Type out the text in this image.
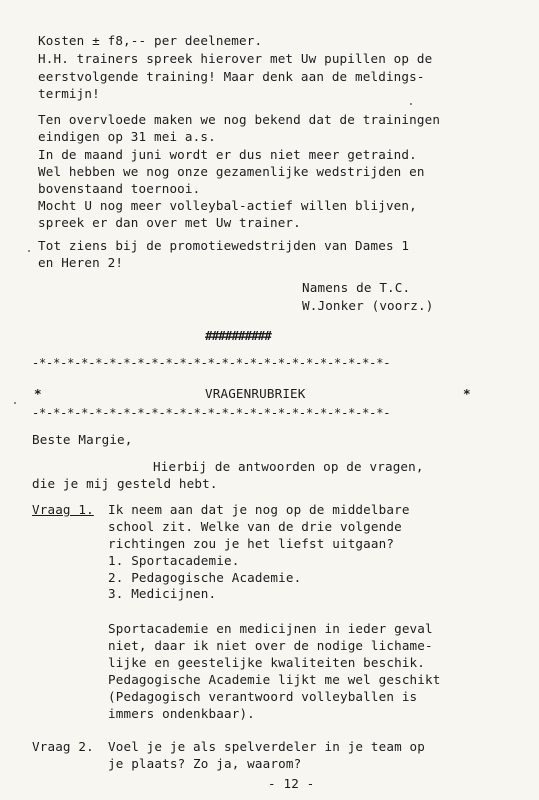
Kosten ± f8,-- per deelnemer.
H.H. trainers spreek hierover met Uw pupillen op de
eerstvolgende training! Maar denk aan de meldings-
termijn!
Ten overvloede maken we nog bekend dat de trainingen
eindigen op 31 mei a.s.
In de maand juni wordt er dus niet meer getraind.
Wel hebben we nog onze gezamenlijke wedstrijden en
bovenstaand toernooi.
Mocht U nog meer volleybal-actief willen blijven,
spreek er dan over met Uw trainer.
Tot ziens bij de promotiewedstrijden van Dames 1
en Heren 2!
Namens de T.C.
W.Jonker (voorz.)
##########
-*-*-*-*-*-*-*-*-*-*-*-*-*-*-*-*-*-*-*-*-*-*-*-*-*-
*	VRAGENRUBRIEK	*
-*-*-*-*-*-*-*-*-*-*-*-*-*-*-*-*-*-*-*-*-*-*-*-*-*-
Beste Margie,
Hierbij de antwoorden op de vragen,
die je mij gesteld hebt.
Vraag 1. Ik neem aan dat je nog op de middelbare
school zit. Welke van de drie volgende
richtingen zou je het liefst uitgaan?
1. Sportacademie.
2. Pedagogische Academie.
3. Medicijnen.
Sportacademie en medicijnen in ieder geval
niet, daar ik niet over de nodige lichame-
lijke en geestelijke kwaliteiten beschik.
Pedagogische Academie lijkt me wel geschikt
(Pedagogisch verantwoord volleyballen is
immers ondenkbaar).
Vraag 2. Voel je je als spelverdeler in je team op
je plaats? Zo ja, waarom?
- 12 -
